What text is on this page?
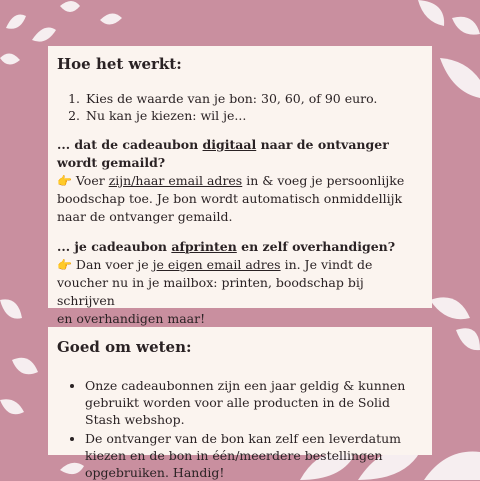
Hoe het werkt:

1. Kies de waarde van je bon: 30, 60, of 90 euro.
2. Nu kan je kiezen: wil je...
... dat de cadeaubon digitaal naar de ontvanger wordt gemaild?
👉 Voer zijn/haar email adres in & voeg je persoonlijke boodschap toe. Je bon wordt automatisch onmiddellijk naar de ontvanger gemaild.
... je cadeaubon afprinten en zelf overhandigen?
👉 Dan voer je je eigen email adres in. Je vindt de voucher nu in je mailbox: printen, boodschap bij schrijven
en overhandigen maar!

Goed om weten:

• Onze cadeaubonnen zijn een jaar geldig & kunnen gebruikt worden voor alle producten in de Solid Stash webshop.
• De ontvanger van de bon kan zelf een leverdatum kiezen en de bon in één/meerdere bestellingen opgebruiken. Handig!
